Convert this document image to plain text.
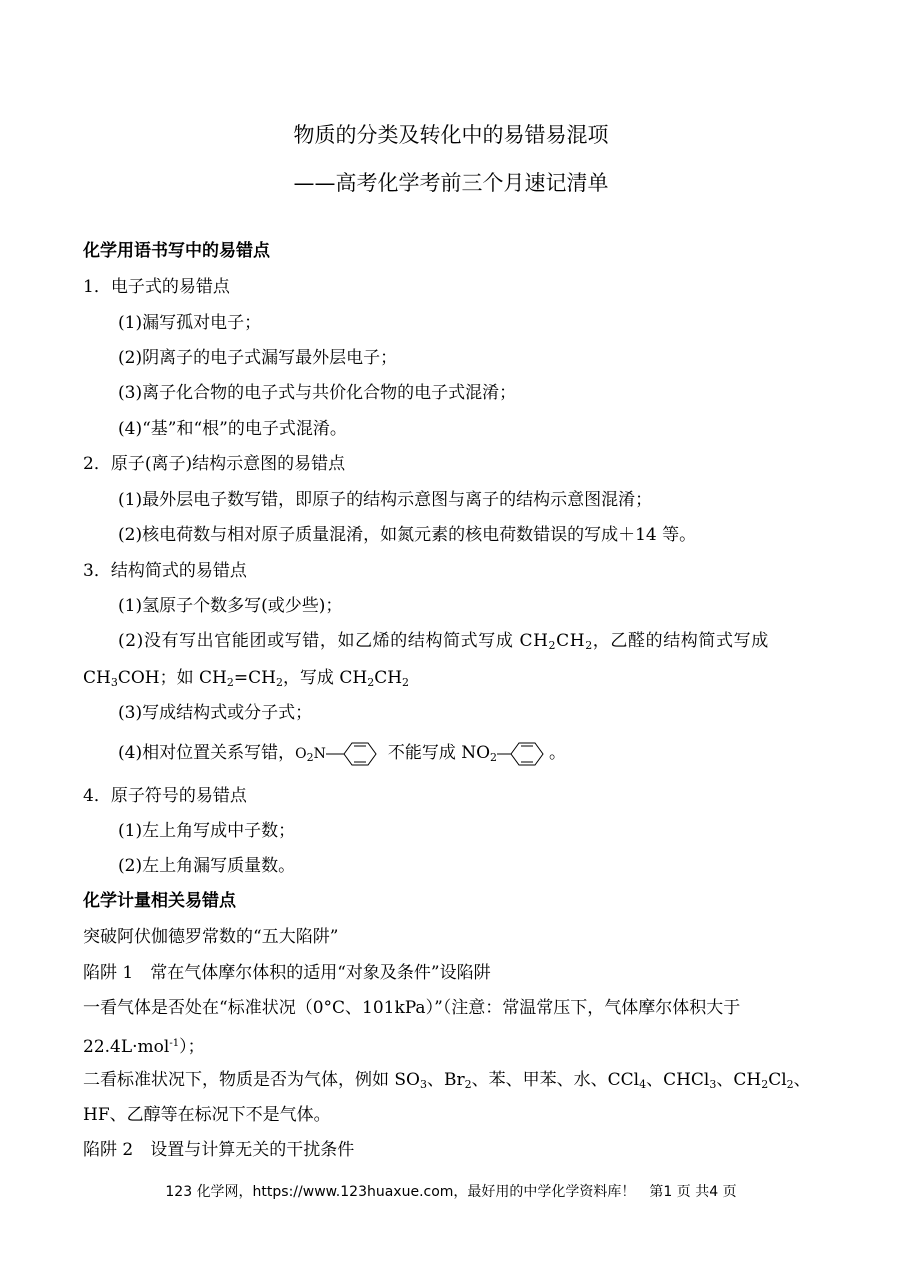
物质的分类及转化中的易错易混项
——高考化学考前三个月速记清单
化学用语书写中的易错点
1．电子式的易错点
(1)漏写孤对电子；
(2)阴离子的电子式漏写最外层电子；
(3)离子化合物的电子式与共价化合物的电子式混淆；
(4)“基”和“根”的电子式混淆。
2．原子(离子)结构示意图的易错点
(1)最外层电子数写错，即原子的结构示意图与离子的结构示意图混淆；
(2)核电荷数与相对原子质量混淆，如氮元素的核电荷数错误的写成＋14 等。
3．结构简式的易错点
(1)氢原子个数多写(或少些)；
(2)没有写出官能团或写错，如乙烯的结构简式写成 $CH_2CH_2$，乙醛的结构简式写成
$CH_3COH$；如 $CH_2=CH_2$，写成 $CH_2CH_2$
(3)写成结构式或分子式；
(4)相对位置关系写错，$O_2N$	不能写成 $NO_2$	。
4．原子符号的易错点
(1)左上角写成中子数；
(2)左上角漏写质量数。
化学计量相关易错点
突破阿伏伽德罗常数的“五大陷阱”
陷阱 1　常在气体摩尔体积的适用“对象及条件”设陷阱
一看气体是否处在“标准状况（0°C、101kPa）”（注意：常温常压下，气体摩尔体积大于
22.4L·mol$^{-1}$）；
二看标准状况下，物质是否为气体，例如 $SO_3$、$Br_2$、苯、甲苯、水、CCl$_4$、CHCl$_3$、$CH_2Cl_2$、
HF、乙醇等在标况下不是气体。
陷阱 2　设置与计算无关的干扰条件
123 化学网，https://www.123huaxue.com，最好用的中学化学资料库！　第1 页 共4 页
